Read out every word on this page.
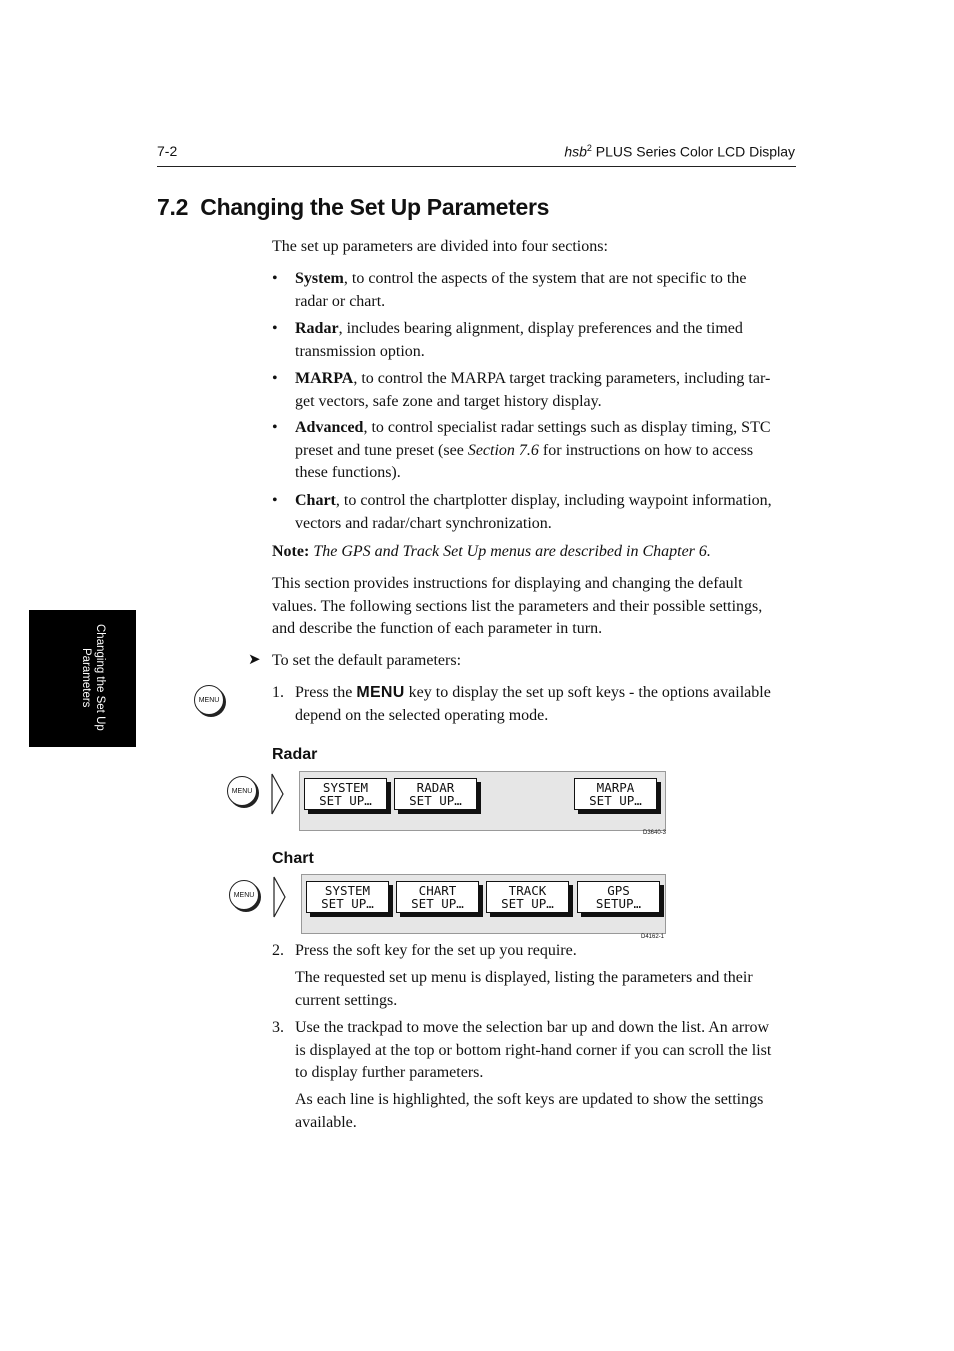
7-2	hsb$^2$ PLUS Series Color LCD Display
7.2  Changing the Set Up Parameters
The set up parameters are divided into four sections:
• System, to control the aspects of the system that are not specific to the
radar or chart.
• Radar, includes bearing alignment, display preferences and the timed
transmission option.
• MARPA, to control the MARPA target tracking parameters, including tar-
get vectors, safe zone and target history display.
• Advanced, to control specialist radar settings such as display timing, STC
preset and tune preset (see Section 7.6 for instructions on how to access
these functions).
• Chart, to control the chartplotter display, including waypoint information,
vectors and radar/chart synchronization.
Note: The GPS and Track Set Up menus are described in Chapter 6.
This section provides instructions for displaying and changing the default
values. The following sections list the parameters and their possible settings,
and describe the function of each parameter in turn.
Changing the Set Up Parameters	➤ To set the default parameters:
MENU	1. Press the MENU key to display the set up soft keys - the options available
depend on the selected operating mode.
Radar
MENU	SYSTEM
SET UP…
RADAR
SET UP…
MARPA
SET UP…
D3640-3
Chart
MENU	SYSTEM
SET UP…
CHART
SET UP…
TRACK
SET UP…
GPS
SETUP…
D4162-1
2. Press the soft key for the set up you require.
The requested set up menu is displayed, listing the parameters and their
current settings.
3. Use the trackpad to move the selection bar up and down the list. An arrow
is displayed at the top or bottom right-hand corner if you can scroll the list
to display further parameters.
As each line is highlighted, the soft keys are updated to show the settings
available.
